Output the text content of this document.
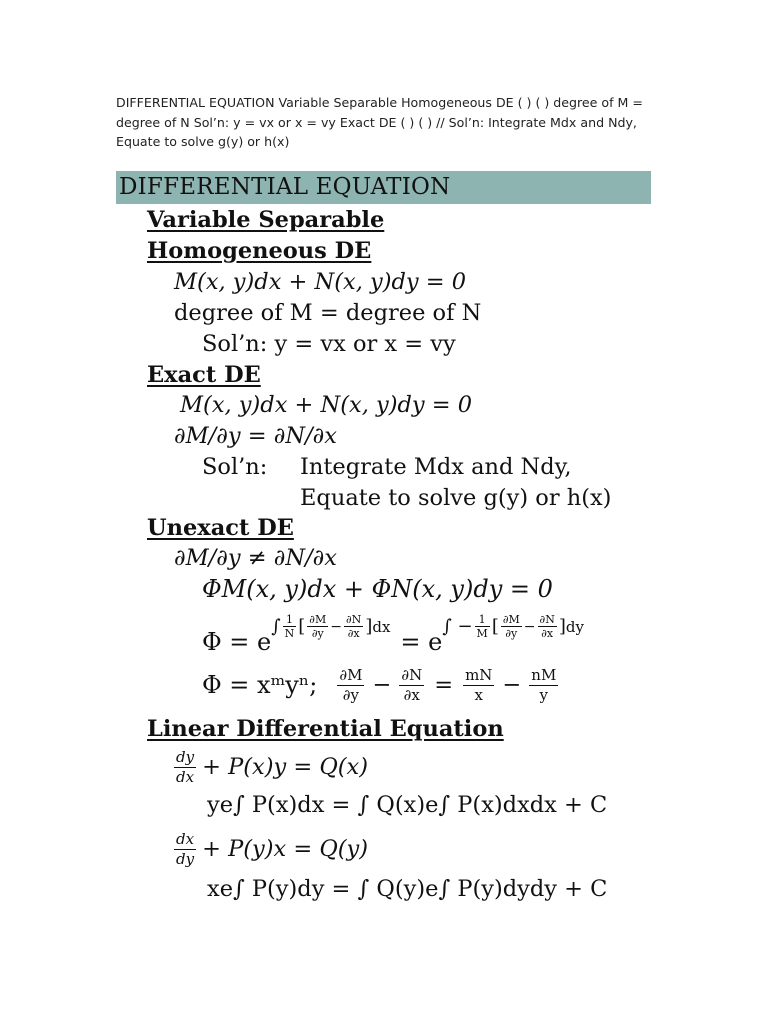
DIFFERENTIAL EQUATION Variable Separable Homogeneous DE ( ) ( ) degree of M = degree of N Sol’n: y = vx or x = vy Exact DE ( ) ( ) ∕∕ Sol’n: Integrate Mdx and Ndy, Equate to solve g(y) or h(x)
DIFFERENTIAL EQUATION
Variable Separable
Homogeneous DE
M(x, y)dx + N(x, y)dy = 0
degree of M = degree of N
Sol’n: y = vx or x = vy
Exact DE
M(x, y)dx + N(x, y)dy = 0
∂M/∂y = ∂N/∂x
Sol’n: Integrate Mdx and Ndy,
Equate to solve g(y) or h(x)
Unexact DE
∂M/∂y ≠ ∂N/∂x
ΦM(x, y)dx + ΦN(x, y)dy = 0
Φ = e
∫ $\frac{1}{N}$ [ $\frac{\partial M}{\partial y} - \frac{\partial N}{\partial x}$ ] dx
= e
∫ − $\frac{1}{M}$ [ $\frac{\partial M}{\partial y} - \frac{\partial N}{\partial x}$ ] dy
Φ = xᵐyⁿ; $\frac{\partial M}{\partial y} - \frac{\partial N}{\partial x} = \frac{mN}{x} - \frac{nM}{y}$
Linear Differential Equation
$\frac{dy}{dx} + P(x)y = Q(x)$
ye∫ P(x)dx = ∫ Q(x)e∫ P(x)dxdx + C
$\frac{dx}{dy} + P(y)x = Q(y)$
xe∫ P(y)dy = ∫ Q(y)e∫ P(y)dydy + C
